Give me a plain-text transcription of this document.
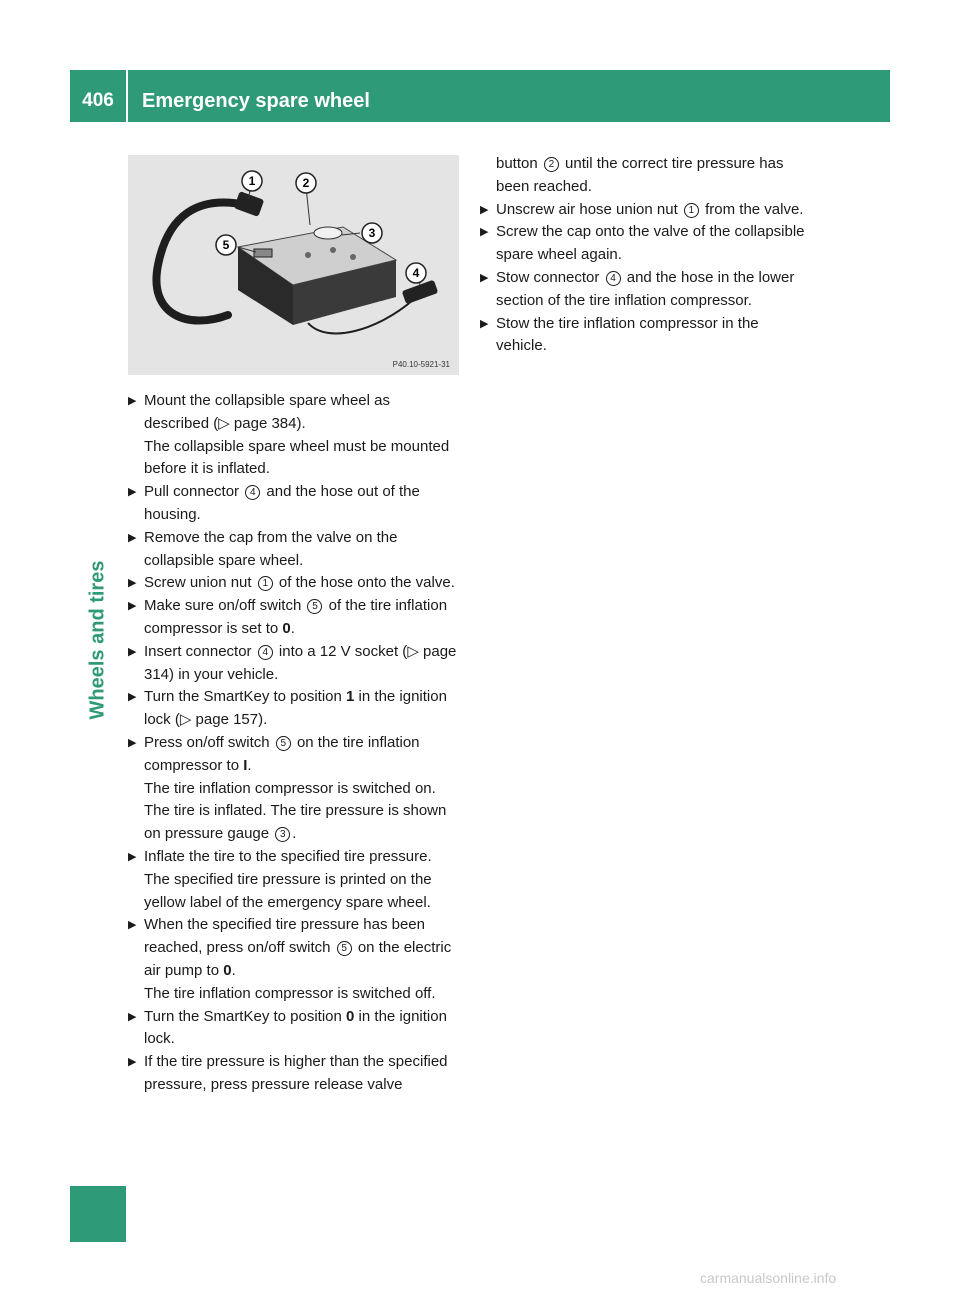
406	Emergency spare wheel
Wheels and tires
1	2
3
4
5
P40.10-5921-31

▶ Mount the collapsible spare wheel as described (▷ page 384).

The collapsible spare wheel must be mounted before it is inflated.

▶ Pull connector 4 and the hose out of the housing.

▶ Remove the cap from the valve on the collapsible spare wheel.

▶ Screw union nut 1 of the hose onto the valve.

▶ Make sure on/off switch 5 of the tire inflation compressor is set to 0.

▶ Insert connector 4 into a 12 V socket (▷ page 314) in your vehicle.

▶ Turn the SmartKey to position 1 in the ignition lock (▷ page 157).

▶ Press on/off switch 5 on the tire inflation compressor to I.

The tire inflation compressor is switched on. The tire is inflated. The tire pressure is shown on pressure gauge 3 .

▶ Inflate the tire to the specified tire pressure.

The specified tire pressure is printed on the yellow label of the emergency spare wheel.

▶ When the specified tire pressure has been reached, press on/off switch 5 on the electric air pump to 0.

The tire inflation compressor is switched off.

▶ Turn the SmartKey to position 0 in the ignition lock.

▶ If the tire pressure is higher than the specified pressure, press pressure release valve

button 2 until the correct tire pressure has been reached.

▶ Unscrew air hose union nut 1 from the valve.

▶ Screw the cap onto the valve of the collapsible spare wheel again.

▶ Stow connector 4 and the hose in the lower section of the tire inflation compressor.

▶ Stow the tire inflation compressor in the vehicle.

carmanualsonline.info
